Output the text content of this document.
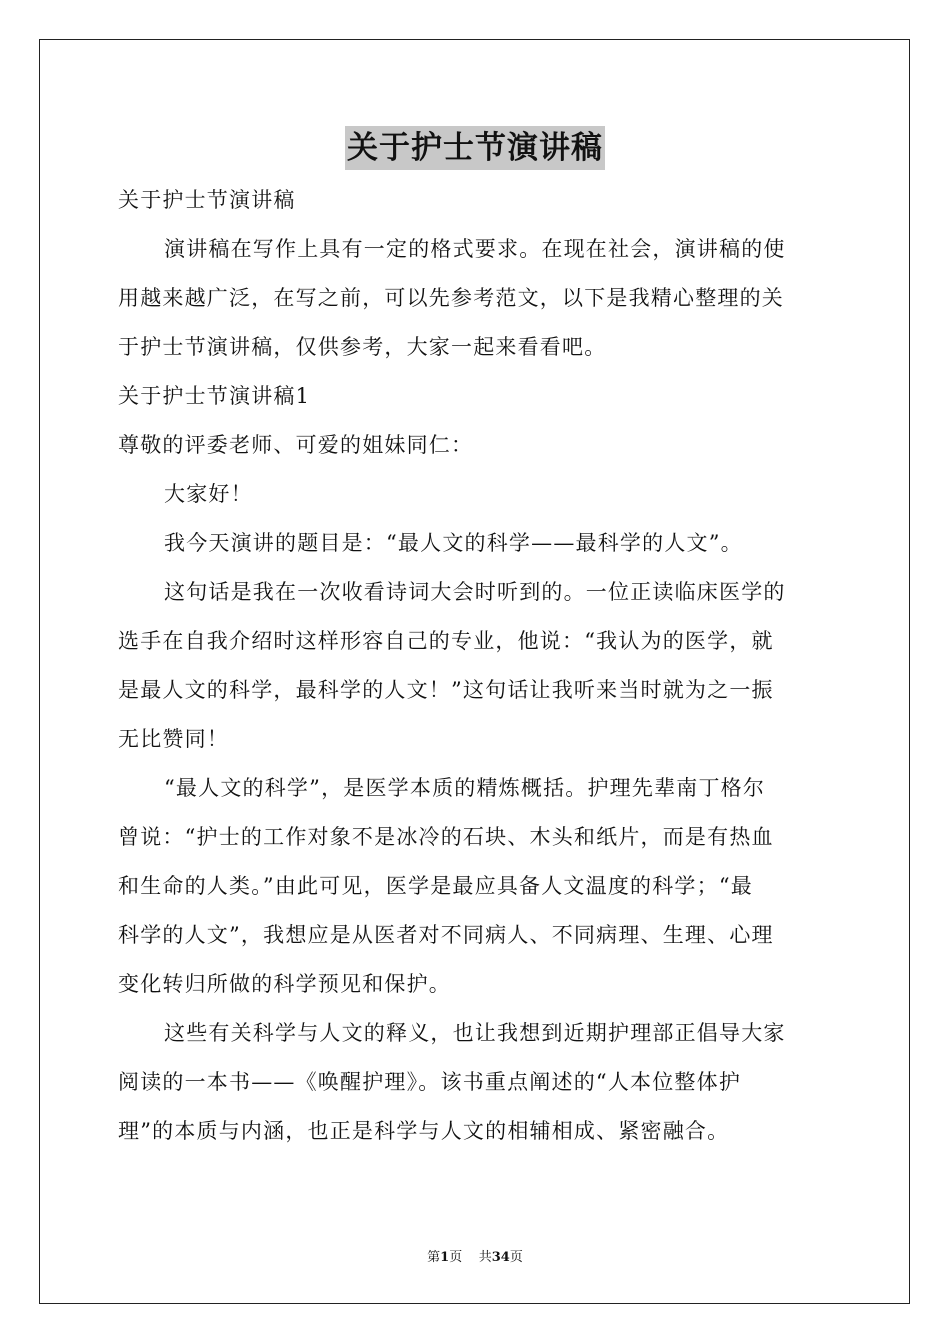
关于护士节演讲稿

关于护士节演讲稿

演讲稿在写作上具有一定的格式要求。在现在社会，演讲稿的使

用越来越广泛，在写之前，可以先参考范文，以下是我精心整理的关

于护士节演讲稿，仅供参考，大家一起来看看吧。

关于护士节演讲稿1

尊敬的评委老师、可爱的姐妹同仁：

大家好！

我今天演讲的题目是：“最人文的科学——最科学的人文”。

这句话是我在一次收看诗词大会时听到的。一位正读临床医学的

选手在自我介绍时这样形容自己的专业，他说：“我认为的医学，就

是最人文的科学，最科学的人文！”这句话让我听来当时就为之一振

无比赞同！

“最人文的科学”，是医学本质的精炼概括。护理先辈南丁格尔

曾说：“护士的工作对象不是冰冷的石块、木头和纸片，而是有热血

和生命的人类。”由此可见，医学是最应具备人文温度的科学；“最

科学的人文”，我想应是从医者对不同病人、不同病理、生理、心理

变化转归所做的科学预见和保护。

这些有关科学与人文的释义，也让我想到近期护理部正倡导大家

阅读的一本书——《唤醒护理》。该书重点阐述的“人本位整体护

理”的本质与内涵，也正是科学与人文的相辅相成、紧密融合。

第1页 共34页
